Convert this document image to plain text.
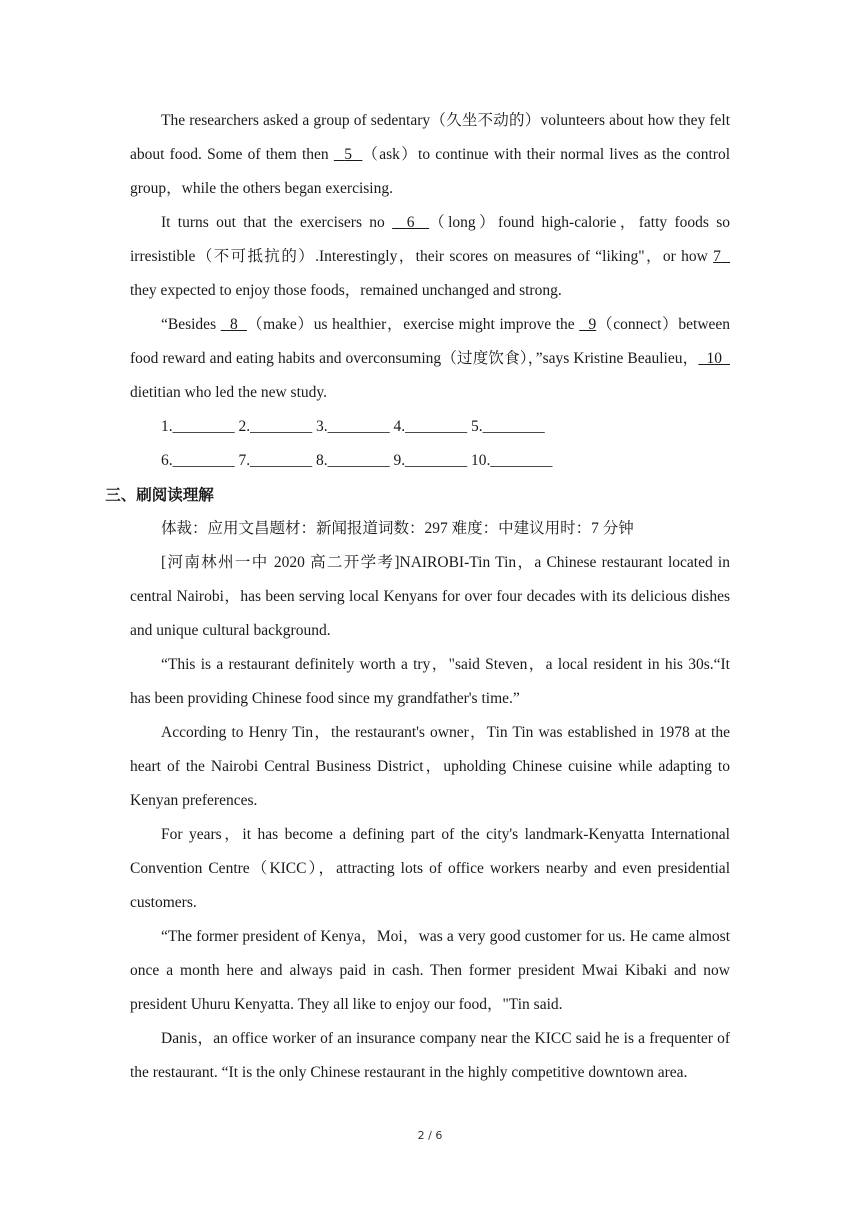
The researchers asked a group of sedentary（久坐不动的）volunteers about how they felt about food. Some of them then   5 （ask）to continue with their normal lives as the control group，while the others began exercising.

It turns out that the exercisers no   6 （long）found high-calorie，fatty foods so irresistible（不可抵抗的）.Interestingly，their scores on measures of “liking"，or how 7   they expected to enjoy those foods，remained unchanged and strong.

“Besides   8 （make）us healthier，exercise might improve the   9（connect）between food reward and eating habits and overconsuming（过度饮食），”says Kristine Beaulieu， 10   dietitian who led the new study.

1.________ 2.________ 3.________ 4.________ 5.________
6.________ 7.________ 8.________ 9.________ 10.________
三、刷阅读理解

体裁：应用文昌题材：新闻报道词数：297 难度：中建议用时：7 分钟

[河南林州一中 2020 高二开学考]NAIROBI-Tin Tin，a Chinese restaurant located in central Nairobi，has been serving local Kenyans for over four decades with its delicious dishes and unique cultural background.

“This is a restaurant definitely worth a try，"said Steven，a local resident in his 30s.“It has been providing Chinese food since my grandfather's time.”

According to Henry Tin，the restaurant's owner，Tin Tin was established in 1978 at the heart of the Nairobi Central Business District，upholding Chinese cuisine while adapting to Kenyan preferences.

For years，it has become a defining part of the city's landmark-Kenyatta International Convention Centre（KICC），attracting lots of office workers nearby and even presidential customers.

“The former president of Kenya，Moi，was a very good customer for us. He came almost once a month here and always paid in cash. Then former president Mwai Kibaki and now president Uhuru Kenyatta. They all like to enjoy our food，"Tin said.

Danis，an office worker of an insurance company near the KICC said he is a frequenter of the restaurant. “It is the only Chinese restaurant in the highly competitive downtown area.

2 / 6
